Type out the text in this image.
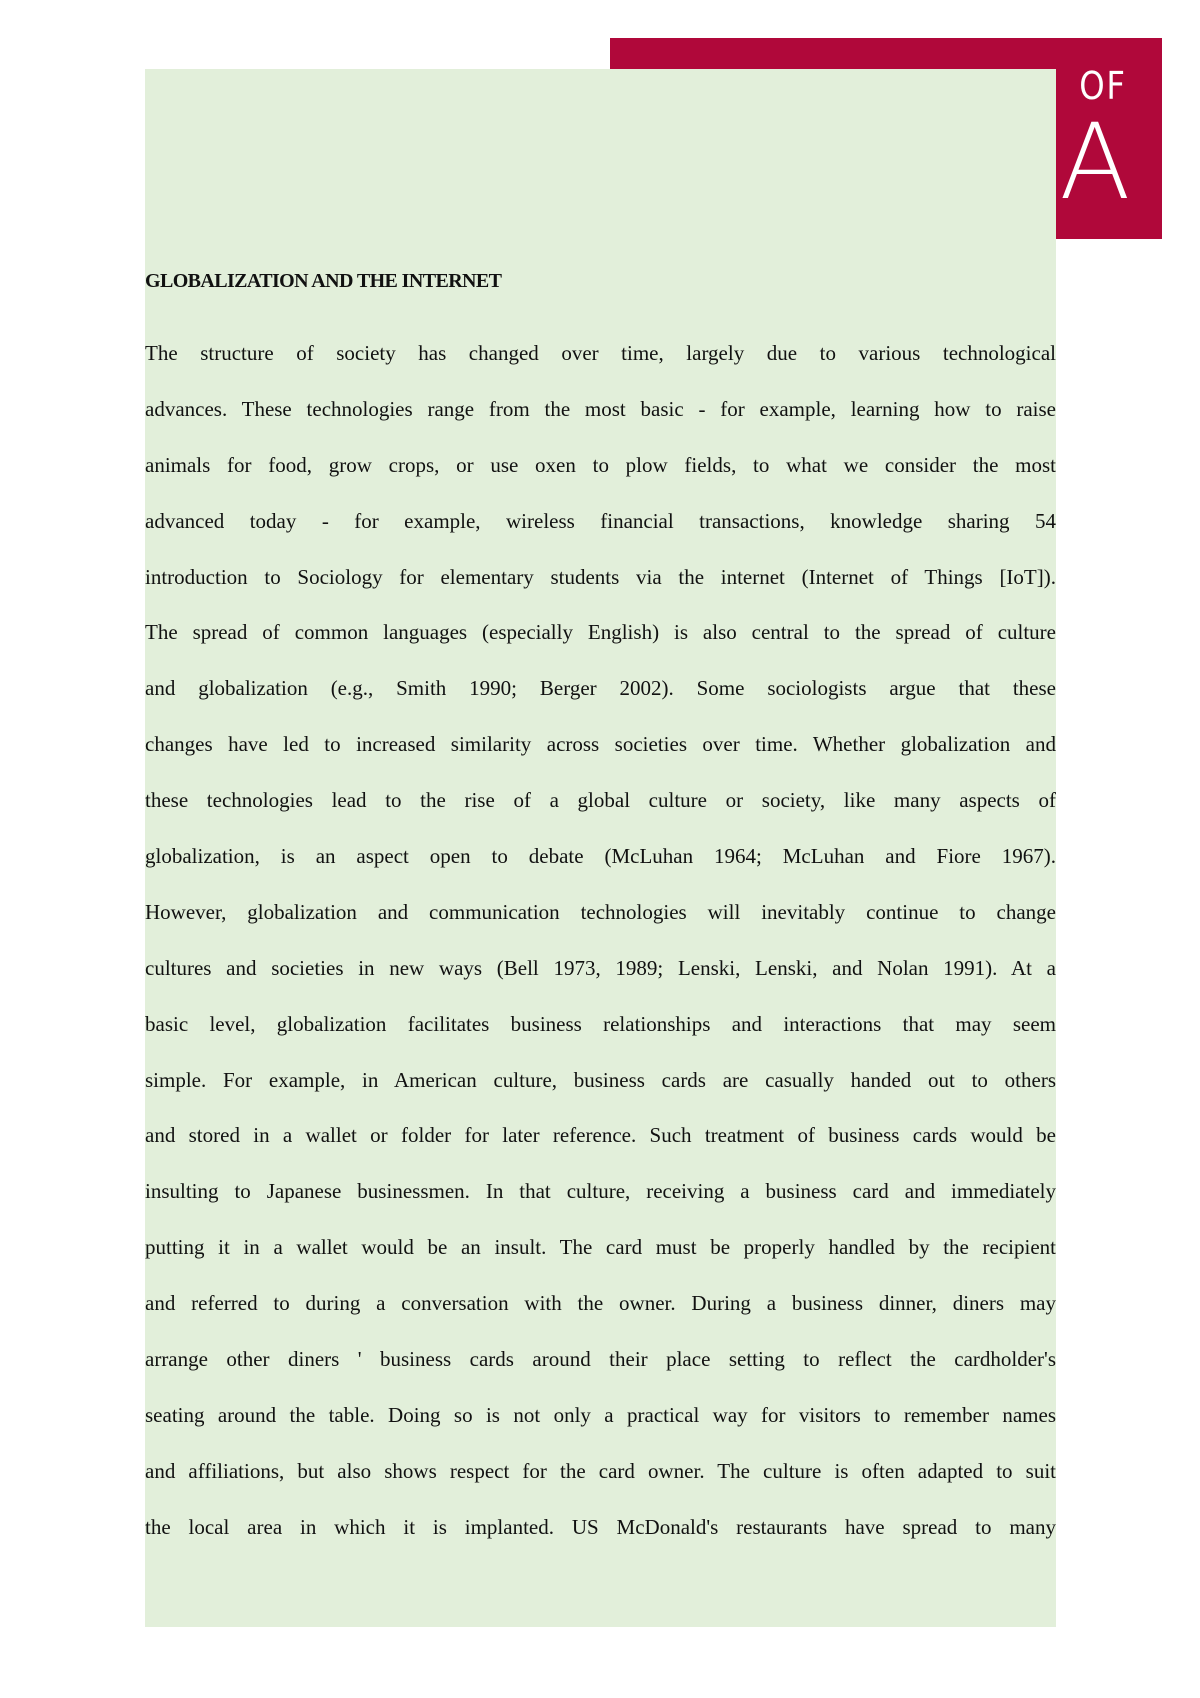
OF
A
GLOBALIZATION AND THE INTERNET
The structure of society has changed over time, largely due to various technological
advances. These technologies range from the most basic - for example, learning how to raise
animals for food, grow crops, or use oxen to plow fields, to what we consider the most
advanced today - for example, wireless financial transactions, knowledge sharing 54
introduction to Sociology for elementary students via the internet (Internet of Things [IoT]).
The spread of common languages (especially English) is also central to the spread of culture
and globalization (e.g., Smith 1990; Berger 2002). Some sociologists argue that these
changes have led to increased similarity across societies over time. Whether globalization and
these technologies lead to the rise of a global culture or society, like many aspects of
globalization, is an aspect open to debate (McLuhan 1964; McLuhan and Fiore 1967).
However, globalization and communication technologies will inevitably continue to change
cultures and societies in new ways (Bell 1973, 1989; Lenski, Lenski, and Nolan 1991). At a
basic level, globalization facilitates business relationships and interactions that may seem
simple. For example, in American culture, business cards are casually handed out to others
and stored in a wallet or folder for later reference. Such treatment of business cards would be
insulting to Japanese businessmen. In that culture, receiving a business card and immediately
putting it in a wallet would be an insult. The card must be properly handled by the recipient
and referred to during a conversation with the owner. During a business dinner, diners may
arrange other diners ' business cards around their place setting to reflect the cardholder's
seating around the table. Doing so is not only a practical way for visitors to remember names
and affiliations, but also shows respect for the card owner. The culture is often adapted to suit
the local area in which it is implanted. US McDonald's restaurants have spread to many
